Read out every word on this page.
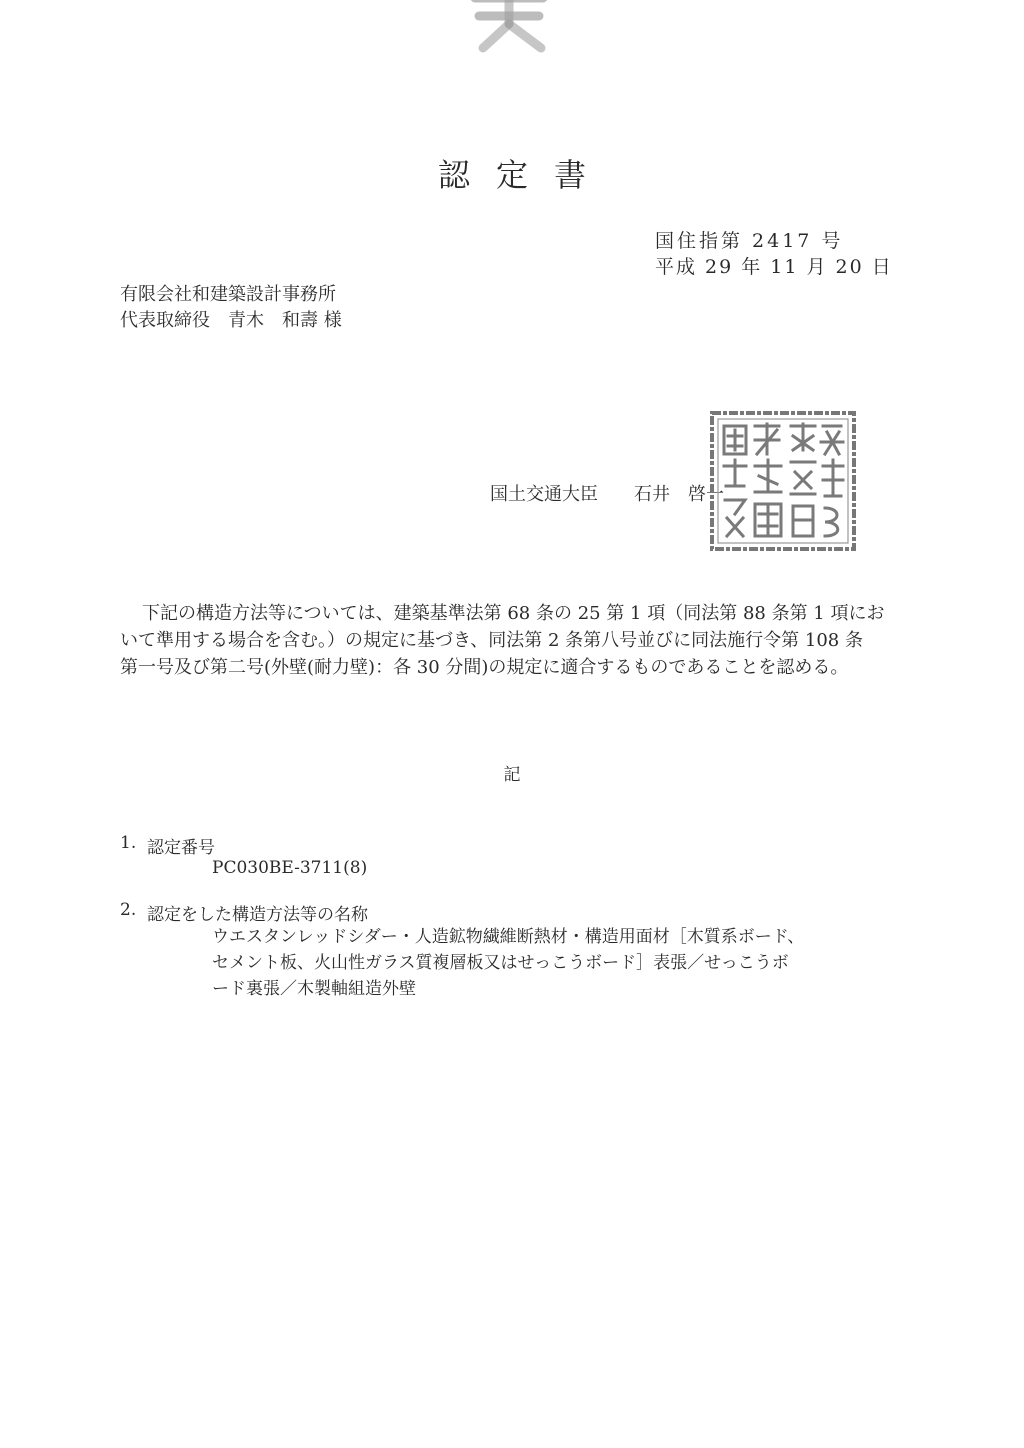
認定書
国住指第 2417 号
平成 29 年 11 月 20 日
有限会社和建築設計事務所
代表取締役　青木　和壽 様
国土交通大臣　　石井　啓一
下記の構造方法等については、建築基準法第 68 条の 25 第 1 項（同法第 88 条第 1 項にお
いて準用する場合を含む。）の規定に基づき、同法第 2 条第八号並びに同法施行令第 108 条
第一号及び第二号(外壁(耐力壁)：各 30 分間)の規定に適合するものであることを認める。
記
1. 認定番号
PC030BE-3711(8)
2. 認定をした構造方法等の名称
ウエスタンレッドシダー・人造鉱物繊維断熱材・構造用面材［木質系ボード、
セメント板、火山性ガラス質複層板又はせっこうボード］表張／せっこうボ
ード裏張／木製軸組造外壁
